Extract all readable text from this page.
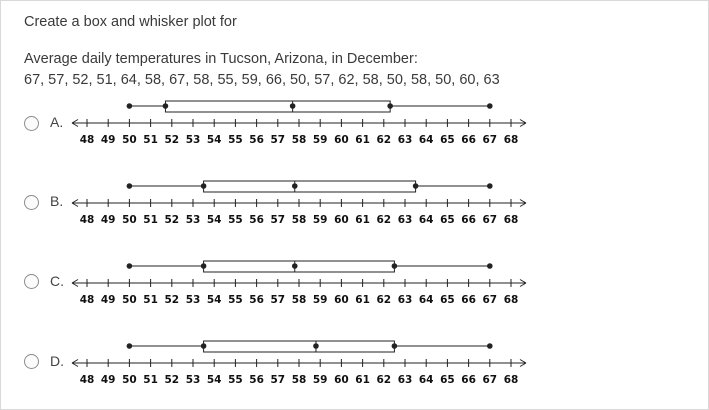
Create a box and whisker plot for
Average daily temperatures in Tucson, Arizona, in December:
67, 57, 52, 51, 64, 58, 67, 58, 55, 59, 66, 50, 57, 62, 58, 50, 58, 50, 60, 63
A.
48 49 50 51 52 53 54 55 56 57 58 59 60 61 62 63 64 65 66 67 68
B.
48 49 50 51 52 53 54 55 56 57 58 59 60 61 62 63 64 65 66 67 68
C.
48 49 50 51 52 53 54 55 56 57 58 59 60 61 62 63 64 65 66 67 68
D.
48 49 50 51 52 53 54 55 56 57 58 59 60 61 62 63 64 65 66 67 68
